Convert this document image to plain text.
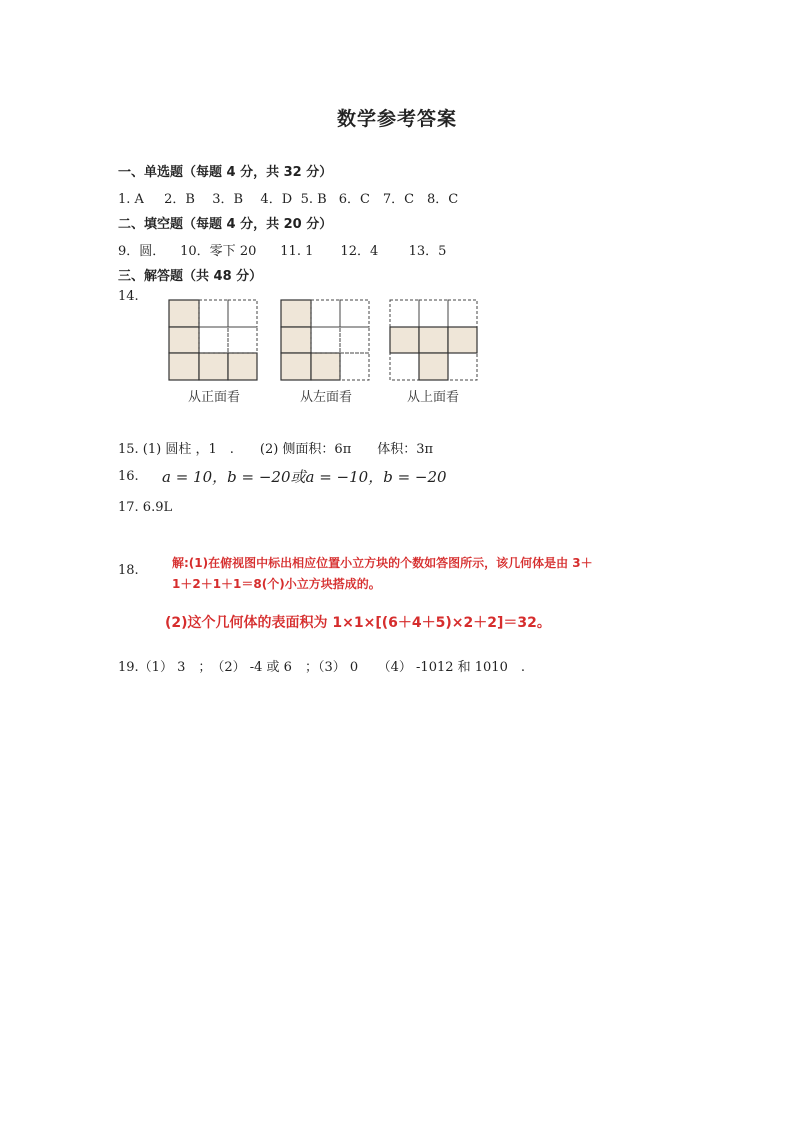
数学参考答案
一、单选题（每题 4 分，共 32 分）
1. A 2．B 3．B 4．D 5. B 6．C 7．C 8．C
二、填空题（每题 4 分，共 20 分）
9．圆． 10．零下 20 11. 1 12．4 13．5
三、解答题（共 48 分）
14.
从正面看	从左面看	从上面看
15. (1) 圆柱 ，1　.　　(2) 侧面积：6π　　体积：3π
16. a = 10，b = −20或a = −10，b = −20
17. 6.9L
18.	解:(1)在俯视图中标出相应位置小立方块的个数如答图所示，该几何体是由 3＋
1＋2＋1＋1＝8(个)小立方块搭成的。
(2)这个几何体的表面积为 1×1×[(6＋4＋5)×2＋2]＝32。
19.（1） 3　；　（2） -4 或 6　；（3） 0　　（4） -1012 和 1010　.
